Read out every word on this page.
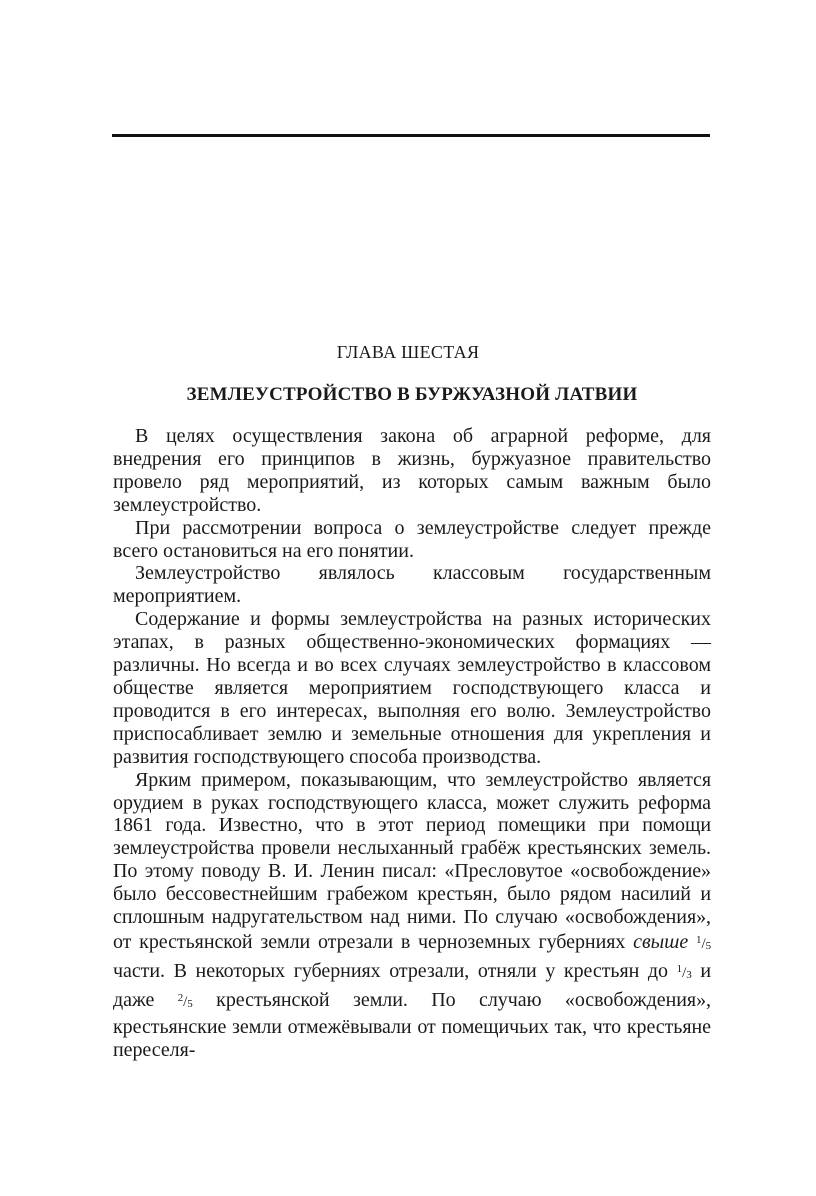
ГЛАВА ШЕСТАЯ
ЗЕМЛЕУСТРОЙСТВО В БУРЖУАЗНОЙ ЛАТВИИ

В целях осуществления закона об аграрной реформе, для внедрения его принципов в жизнь, буржуазное правительство провело ряд мероприятий, из которых самым важным было землеустройство.

При рассмотрении вопроса о землеустройстве следует прежде всего остановиться на его понятии.

Землеустройство являлось классовым государственным мероприятием.

Содержание и формы землеустройства на разных исторических этапах, в разных общественно-экономических формациях — различны. Но всегда и во всех случаях землеустройство в классовом обществе является мероприятием господствующего класса и проводится в его интересах, выполняя его волю. Землеустройство приспосабливает землю и земельные отношения для укрепления и развития господствующего способа производства.

Ярким примером, показывающим, что землеустройство является орудием в руках господствующего класса, может служить реформа 1861 года. Известно, что в этот период помещики при помощи землеустройства провели неслыханный грабёж крестьянских земель. По этому поводу В. И. Ленин писал: «Пресловутое «освобождение» было бессовестнейшим грабежом крестьян, было рядом насилий и сплошным надругательством над ними. По случаю «освобождения», от крестьянской земли отрезали в черноземных губерниях свыше $^1/_5$ части. В некоторых губерниях отрезали, отняли у крестьян до $^1/_3$ и даже $^2/_5$ крестьянской земли. По случаю «освобождения», крестьянские земли отмежёвывали от помещичьих так, что крестьяне переселя-
